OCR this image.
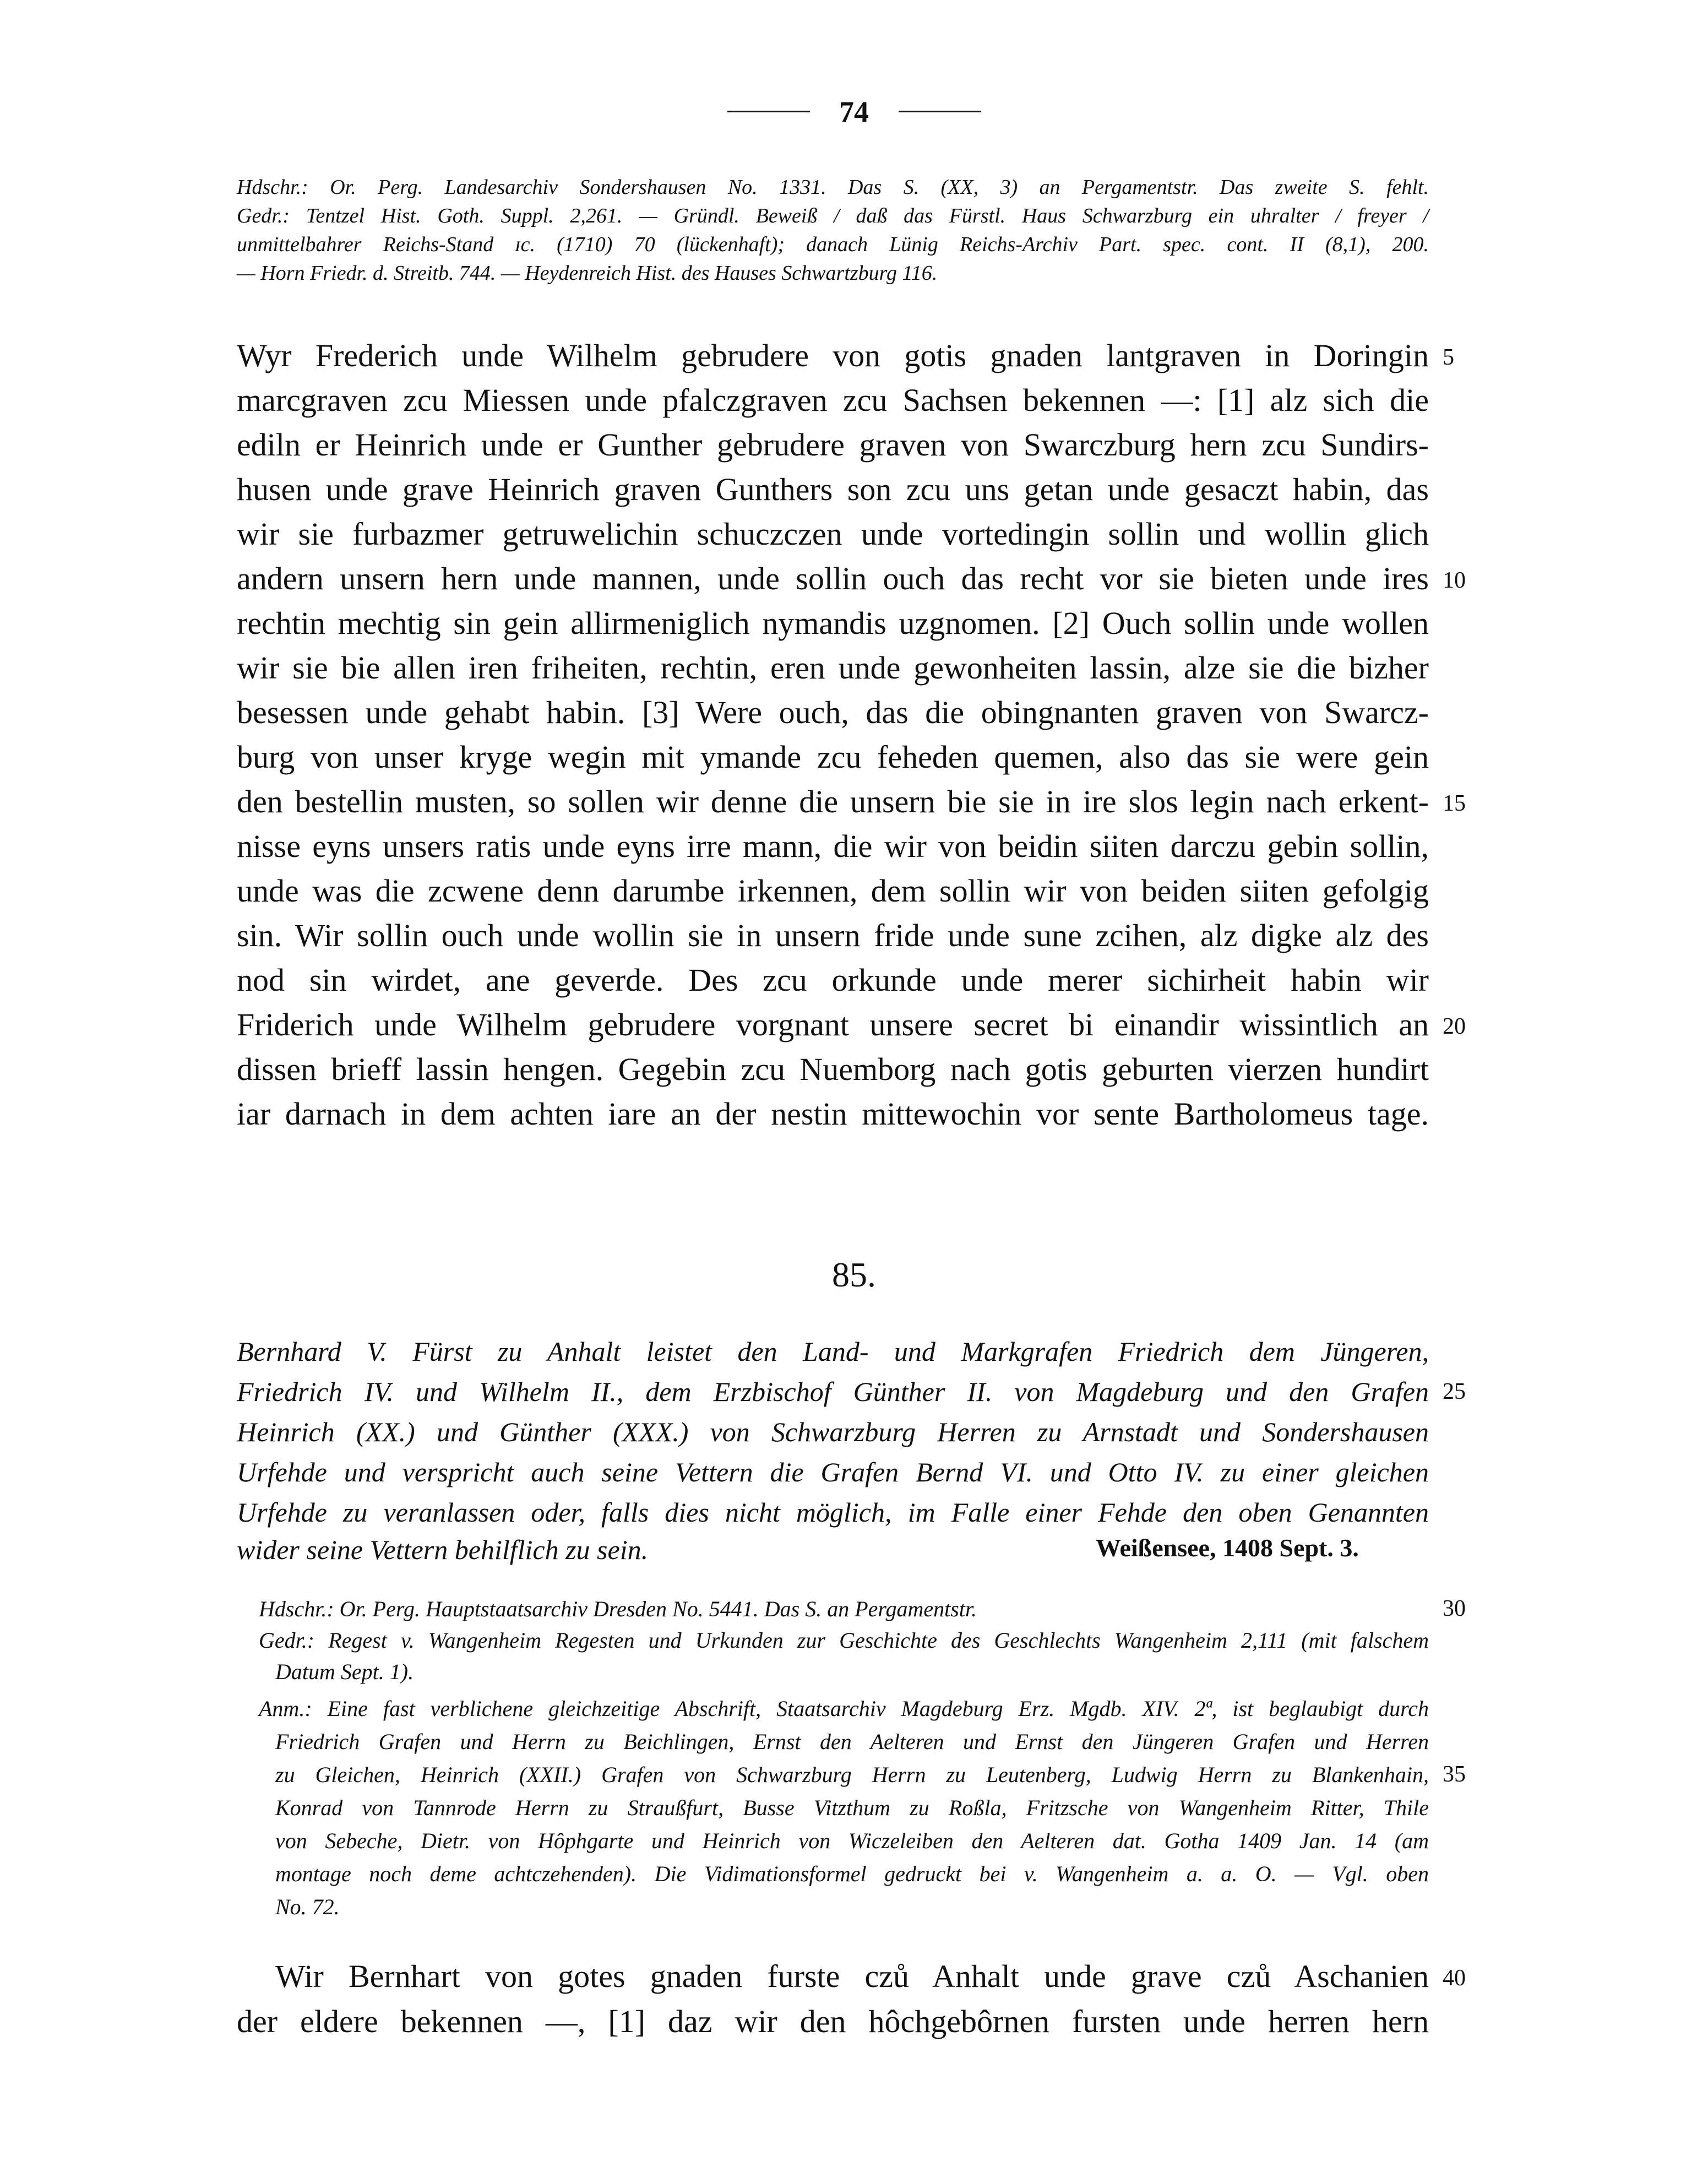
74
Hdschr.: Or. Perg. Landesarchiv Sondershausen No. 1331. Das S. (XX, 3) an Pergamentstr. Das zweite S. fehlt.
Gedr.: Tentzel Hist. Goth. Suppl. 2,261. — Gründl. Beweiß / daß das Fürstl. Haus Schwarzburg ein uhralter / freyer /
unmittelbahrer Reichs-Stand ɪc. (1710) 70 (lückenhaft); danach Lünig Reichs-Archiv Part. spec. cont. II (8,1), 200.
— Horn Friedr. d. Streitb. 744. — Heydenreich Hist. des Hauses Schwartzburg 116.
Wyr Frederich unde Wilhelm gebrudere von gotis gnaden lantgraven in Doringin 5
marcgraven zcu Miessen unde pfalczgraven zcu Sachsen bekennen —: [1] alz sich die
ediln er Heinrich unde er Gunther gebrudere graven von Swarczburg hern zcu Sundirs-
husen unde grave Heinrich graven Gunthers son zcu uns getan unde gesaczt habin, das
wir sie furbazmer getruwelichin schuczczen unde vortedingin sollin und wollin glich
andern unsern hern unde mannen, unde sollin ouch das recht vor sie bieten unde ires 10
rechtin mechtig sin gein allirmeniglich nymandis uzgnomen. [2] Ouch sollin unde wollen
wir sie bie allen iren friheiten, rechtin, eren unde gewonheiten lassin, alze sie die bizher
besessen unde gehabt habin. [3] Were ouch, das die obingnanten graven von Swarcz-
burg von unser kryge wegin mit ymande zcu feheden quemen, also das sie were gein
den bestellin musten, so sollen wir denne die unsern bie sie in ire slos legin nach erkent- 15
nisse eyns unsers ratis unde eyns irre mann, die wir von beidin siiten darczu gebin sollin,
unde was die zcwene denn darumbe irkennen, dem sollin wir von beiden siiten gefolgig
sin. Wir sollin ouch unde wollin sie in unsern fride unde sune zcihen, alz digke alz des
nod sin wirdet, ane geverde. Des zcu orkunde unde merer sichirheit habin wir
Friderich unde Wilhelm gebrudere vorgnant unsere secret bi einandir wissintlich an 20
dissen brieff lassin hengen. Gegebin zcu Nuemborg nach gotis geburten vierzen hundirt
iar darnach in dem achten iare an der nestin mittewochin vor sente Bartholomeus tage.
85.
Bernhard V. Fürst zu Anhalt leistet den Land- und Markgrafen Friedrich dem Jüngeren,
Friedrich IV. und Wilhelm II., dem Erzbischof Günther II. von Magdeburg und den Grafen 25
Heinrich (XX.) und Günther (XXX.) von Schwarzburg Herren zu Arnstadt und Sondershausen
Urfehde und verspricht auch seine Vettern die Grafen Bernd VI. und Otto IV. zu einer gleichen
Urfehde zu veranlassen oder, falls dies nicht möglich, im Falle einer Fehde den oben Genannten
wider seine Vettern behilflich zu sein.	Weißensee, 1408 Sept. 3.
Hdschr.: Or. Perg. Hauptstaatsarchiv Dresden No. 5441. Das S. an Pergamentstr.	30
Gedr.: Regest v. Wangenheim Regesten und Urkunden zur Geschichte des Geschlechts Wangenheim 2,111 (mit falschem
Datum Sept. 1).
Anm.: Eine fast verblichene gleichzeitige Abschrift, Staatsarchiv Magdeburg Erz. Mgdb. XIV. 2ª, ist beglaubigt durch
Friedrich Grafen und Herrn zu Beichlingen, Ernst den Aelteren und Ernst den Jüngeren Grafen und Herren
zu Gleichen, Heinrich (XXII.) Grafen von Schwarzburg Herrn zu Leutenberg, Ludwig Herrn zu Blankenhain, 35
Konrad von Tannrode Herrn zu Straußfurt, Busse Vitzthum zu Roßla, Fritzsche von Wangenheim Ritter, Thile
von Sebeche, Dietr. von Hôphgarte und Heinrich von Wiczeleiben den Aelteren dat. Gotha 1409 Jan. 14 (am
montage noch deme achtczehenden). Die Vidimationsformel gedruckt bei v. Wangenheim a. a. O. — Vgl. oben
No. 72.
Wir Bernhart von gotes gnaden furste czů Anhalt unde grave czů Aschanien 40
der eldere bekennen —, [1] daz wir den hôchgebôrnen fursten unde herren hern
